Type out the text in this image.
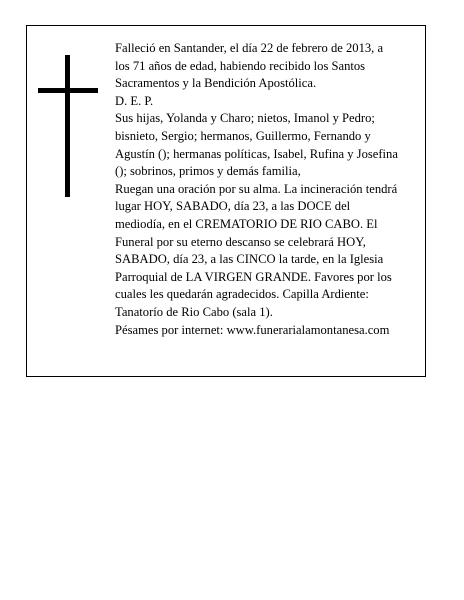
Falleció en Santander, el día 22 de febrero de 2013, a
los 71 años de edad, habiendo recibido los Santos
Sacramentos y la Bendición Apostólica.

D. E. P.

Sus hijas, Yolanda y Charo; nietos, Imanol y Pedro;
bisnieto, Sergio; hermanos, Guillermo, Fernando y
Agustín (); hermanas políticas, Isabel, Rufina y Josefina
(); sobrinos, primos y demás familia,

Ruegan una oración por su alma. La incineración tendrá
lugar HOY, SABADO, día 23, a las DOCE del
mediodía, en el CREMATORIO DE RIO CABO. El
Funeral por su eterno descanso se celebrará HOY,
SABADO, día 23, a las CINCO la tarde, en la Iglesia
Parroquial de LA VIRGEN GRANDE. Favores por los
cuales les quedarán agradecidos. Capilla Ardiente:
Tanatorío de Rio Cabo (sala 1).

Pésames por internet: www.funerarialamontanesa.com
